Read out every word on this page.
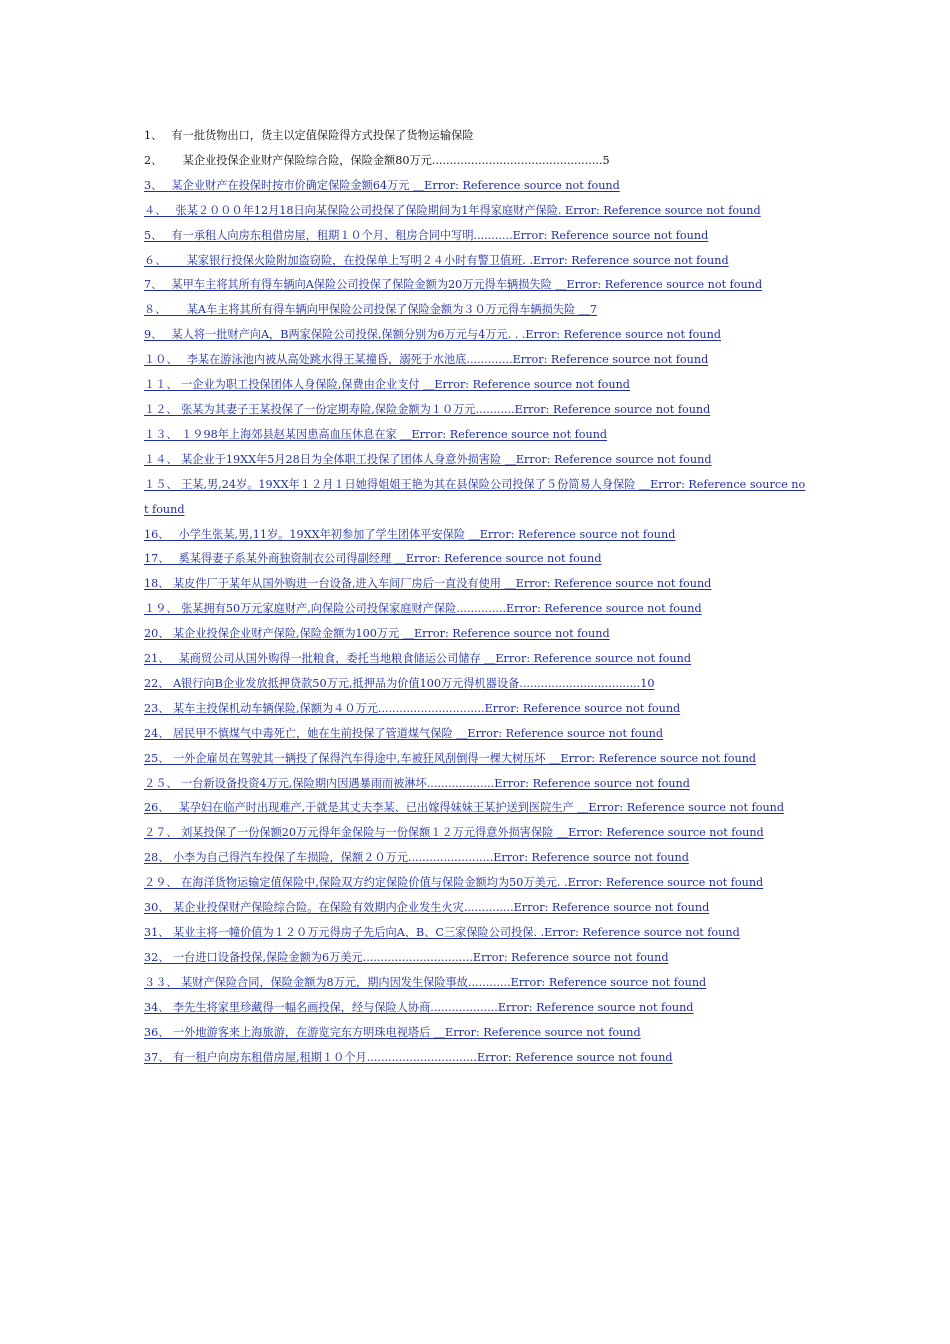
1、　 有一批货物出口，货主以定值保险得方式投保了货物运输保险
2、　　 某企业投保企业财产保险综合险，保险金额80万元................................................5
3、　 某企业财产在投保时按市价确定保险金额64万元 ＿Error: Reference source not found
４、　 张某２０００年12月18日向某保险公司投保了保险期间为1年得家庭财产保险. Error: Reference source not found
5、　 有一承租人向房东租借房屋，租期１０个月、租房合同中写明...........Error: Reference source not found
６、　　 某家银行投保火险附加盗窃险，在投保单上写明２４小时有警卫值班. .Error: Reference source not found
7、　 某甲车主将其所有得车辆向A保险公司投保了保险金额为20万元得车辆损失险 ＿Error: Reference source not found
８、　　 某A车主将其所有得车辆向甲保险公司投保了保险金额为３０万元得车辆损失险 ＿7
9、　 某人将一批财产向A，B两家保险公司投保,保额分别为6万元与4万元. . .Error: Reference source not found
１０、　 李某在游泳池内被从高处跳水得王某撞昏，溺死于水池底.............Error: Reference source not found
１１、 一企业为职工投保团体人身保险,保费由企业支付 ＿Error: Reference source not found
１２、 张某为其妻子王某投保了一份定期寿险,保险金额为１０万元...........Error: Reference source not found
１３、 １９98年上海郊县赵某因患高血压休息在家 ＿Error: Reference source not found
１４、 某企业于19XX年5月28日为全体职工投保了团体人身意外损害险 ＿Error: Reference source not found
１５、 王某,男,24岁。19XX年１２月１日她得姐姐王艳为其在县保险公司投保了５份简易人身保险 ＿Error: Reference source not found
16、　 小学生张某,男,11岁。19XX年初参加了学生团体平安保险 ＿Error: Reference source not found
17、　 奚某得妻子系某外商独资制衣公司得副经理 ＿Error: Reference source not found
18、 某皮件厂于某年从国外购进一台设备,进入车间厂房后一直没有使用 ＿Error: Reference source not found
１９、 张某拥有50万元家庭财产,向保险公司投保家庭财产保险..............Error: Reference source not found
20、 某企业投保企业财产保险,保险金额为100万元 ＿Error: Reference source not found
21、　 某商贸公司从国外购得一批粮食，委托当地粮食储运公司储存 ＿Error: Reference source not found
22、 A银行向B企业发放抵押贷款50万元,抵押品为价值100万元得机器设备..................................10
23、 某车主投保机动车辆保险,保额为４０万元..............................Error: Reference source not found
24、 居民甲不慎煤气中毒死亡，她在生前投保了管道煤气保险 ＿Error: Reference source not found
25、 一外企雇员在驾驶其一辆投了保得汽车得途中,车被狂风刮倒得一棵大树压坏 ＿Error: Reference source not found
２５、 一台新设备投资4万元,保险期内因遇暴雨而被淋坏...................Error: Reference source not found
26、　 某孕妇在临产时出现难产,于就是其丈夫李某、已出嫁得妹妹王某护送到医院生产 ＿Error: Reference source not found
２７、 刘某投保了一份保额20万元得年金保险与一份保额１２万元得意外损害保险 ＿Error: Reference source not found
28、 小李为自己得汽车投保了车损险，保额２０万元........................Error: Reference source not found
２９、 在海洋货物运输定值保险中,保险双方约定保险价值与保险金额均为50万美元. .Error: Reference source not found
30、 某企业投保财产保险综合险。在保险有效期内企业发生火灾..............Error: Reference source not found
31、 某业主将一幢价值为１２０万元得房子先后向A、B、C三家保险公司投保. .Error: Reference source not found
32、 一台进口设备投保,保险金额为6万美元...............................Error: Reference source not found
３３、 某财产保险合同，保险金额为8万元，期内因发生保险事故............Error: Reference source not found
34、 李先生将家里珍藏得一幅名画投保，经与保险人协商...................Error: Reference source not found
36、 一外地游客来上海旅游，在游览完东方明珠电视塔后 ＿Error: Reference source not found
37、 有一租户向房东租借房屋,租期１０个月...............................Error: Reference source not found
